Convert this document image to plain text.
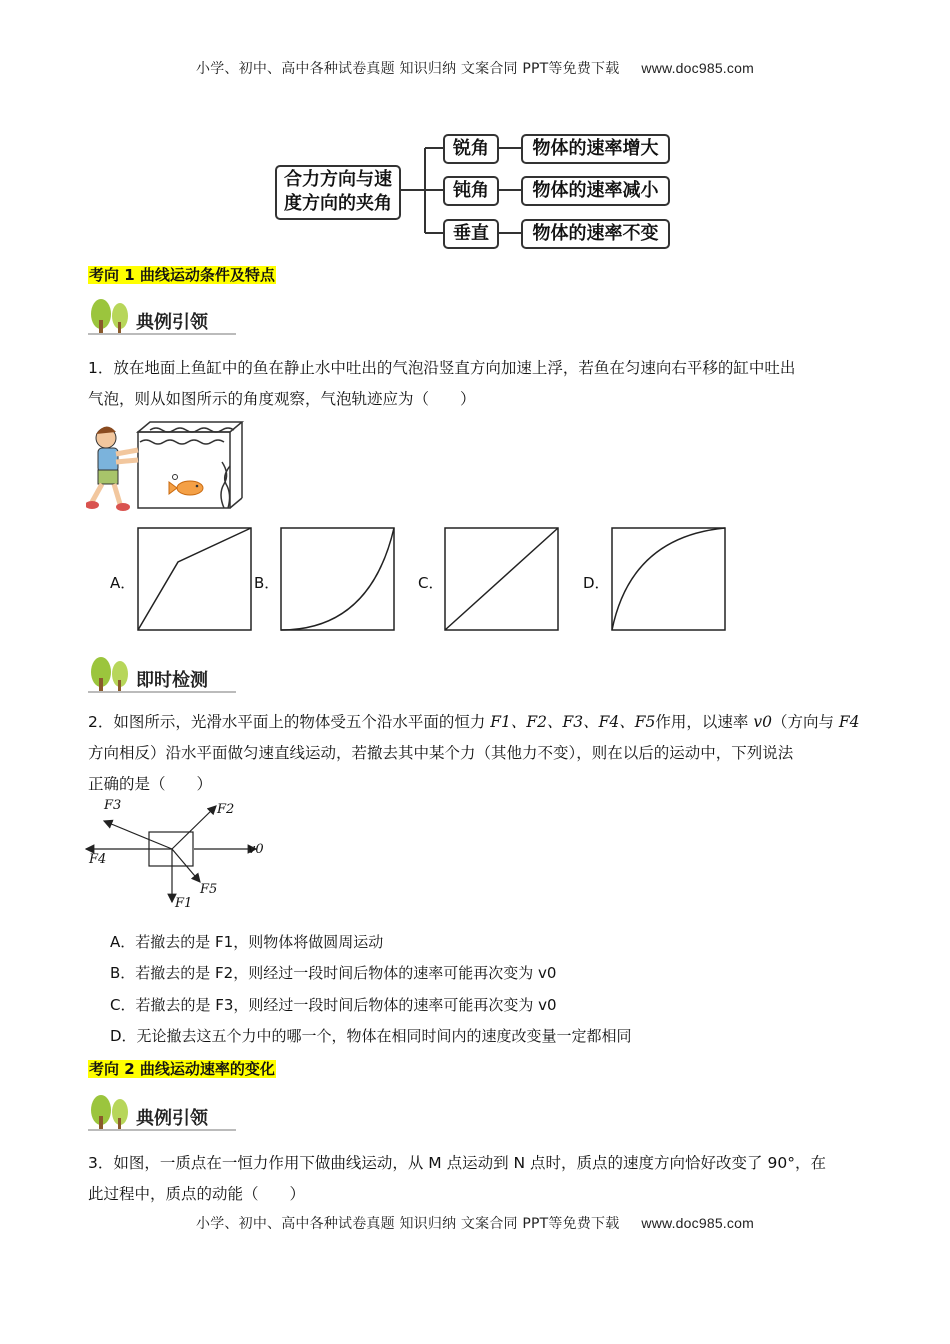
小学、初中、高中各种试卷真题 知识归纳 文案合同 PPT等免费下载 www.doc985.com
合力方向与速
度方向的夹角
锐角
钝角
垂直
物体的速率增大
物体的速率减小
物体的速率不变
考向 1 曲线运动条件及特点
典例引领
1．放在地面上鱼缸中的鱼在静止水中吐出的气泡沿竖直方向加速上浮，若鱼在匀速向右平移的缸中吐出
气泡，则从如图所示的角度观察，气泡轨迹应为（　　）
A．	B．	C．	D．
即时检测
2．如图所示，光滑水平面上的物体受五个沿水平面的恒力 F1、F2、F3、F4、F5作用，以速率 v0（方向与 F4
方向相反）沿水平面做匀速直线运动，若撤去其中某个力（其他力不变），则在以后的运动中，下列说法
正确的是（　　）
F3	F2
v0
F4
F5
F1
A．若撤去的是 F1，则物体将做圆周运动
B．若撤去的是 F2，则经过一段时间后物体的速率可能再次变为 v0
C．若撤去的是 F3，则经过一段时间后物体的速率可能再次变为 v0
D．无论撤去这五个力中的哪一个，物体在相同时间内的速度改变量一定都相同
考向 2 曲线运动速率的变化
典例引领
3．如图，一质点在一恒力作用下做曲线运动，从 M 点运动到 N 点时，质点的速度方向恰好改变了 90°，在
此过程中，质点的动能（　　）
小学、初中、高中各种试卷真题 知识归纳 文案合同 PPT等免费下载 www.doc985.com
